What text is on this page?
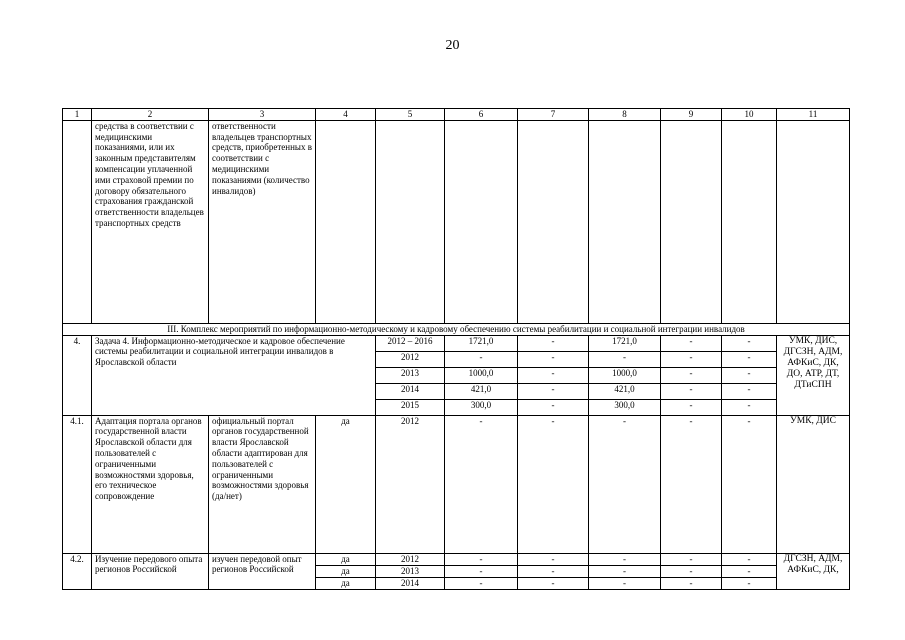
20
1	2	3	4	5	6	7	8	9	10	11
	средства в соответствии с медицинскими показаниями, или их законным представителям компенсации уплаченной ими страховой премии по договору обязательного страхования гражданской ответственности владельцев транспортных средств	ответственности владельцев транспортных средств, приобретенных в соответствии с медицинскими показаниями (количество инвалидов)								
III. Комплекс мероприятий по информационно-методическому и кадровому обеспечению системы реабилитации и социальной интеграции инвалидов										
4.	Задача 4. Информационно-методическое и кадровое обеспечение системы реабилитации и социальной интеграции инвалидов в Ярославской области			2012 – 2016	1721,0	-	1721,0	-	-	УМК, ДИС, ДГСЗН, АДМ, АФКиС, ДК, ДО, АТР, ДТ, ДТиСПН
				2012	-	-	-	-	-	
				2013	1000,0	-	1000,0	-	-	
				2014	421,0	-	421,0	-	-	
				2015	300,0	-	300,0	-	-	
4.1.	Адаптация портала органов государственной власти Ярославской области для пользователей с ограниченными возможностями здоровья, его техническое сопровождение	официальный портал органов государственной власти Ярославской области адаптирован для пользователей с ограниченными возможностями здоровья (да/нет)	да	2012	-	-	-	-	-	УМК, ДИС
4.2.	Изучение передового опыта регионов Российской	изучен передовой опыт регионов Российской	да	2012	-	-	-	-	-	ДГСЗН, АДМ, АФКиС, ДК,
			да	2013	-	-	-	-	-	
			да	2014	-	-	-	-	-	
